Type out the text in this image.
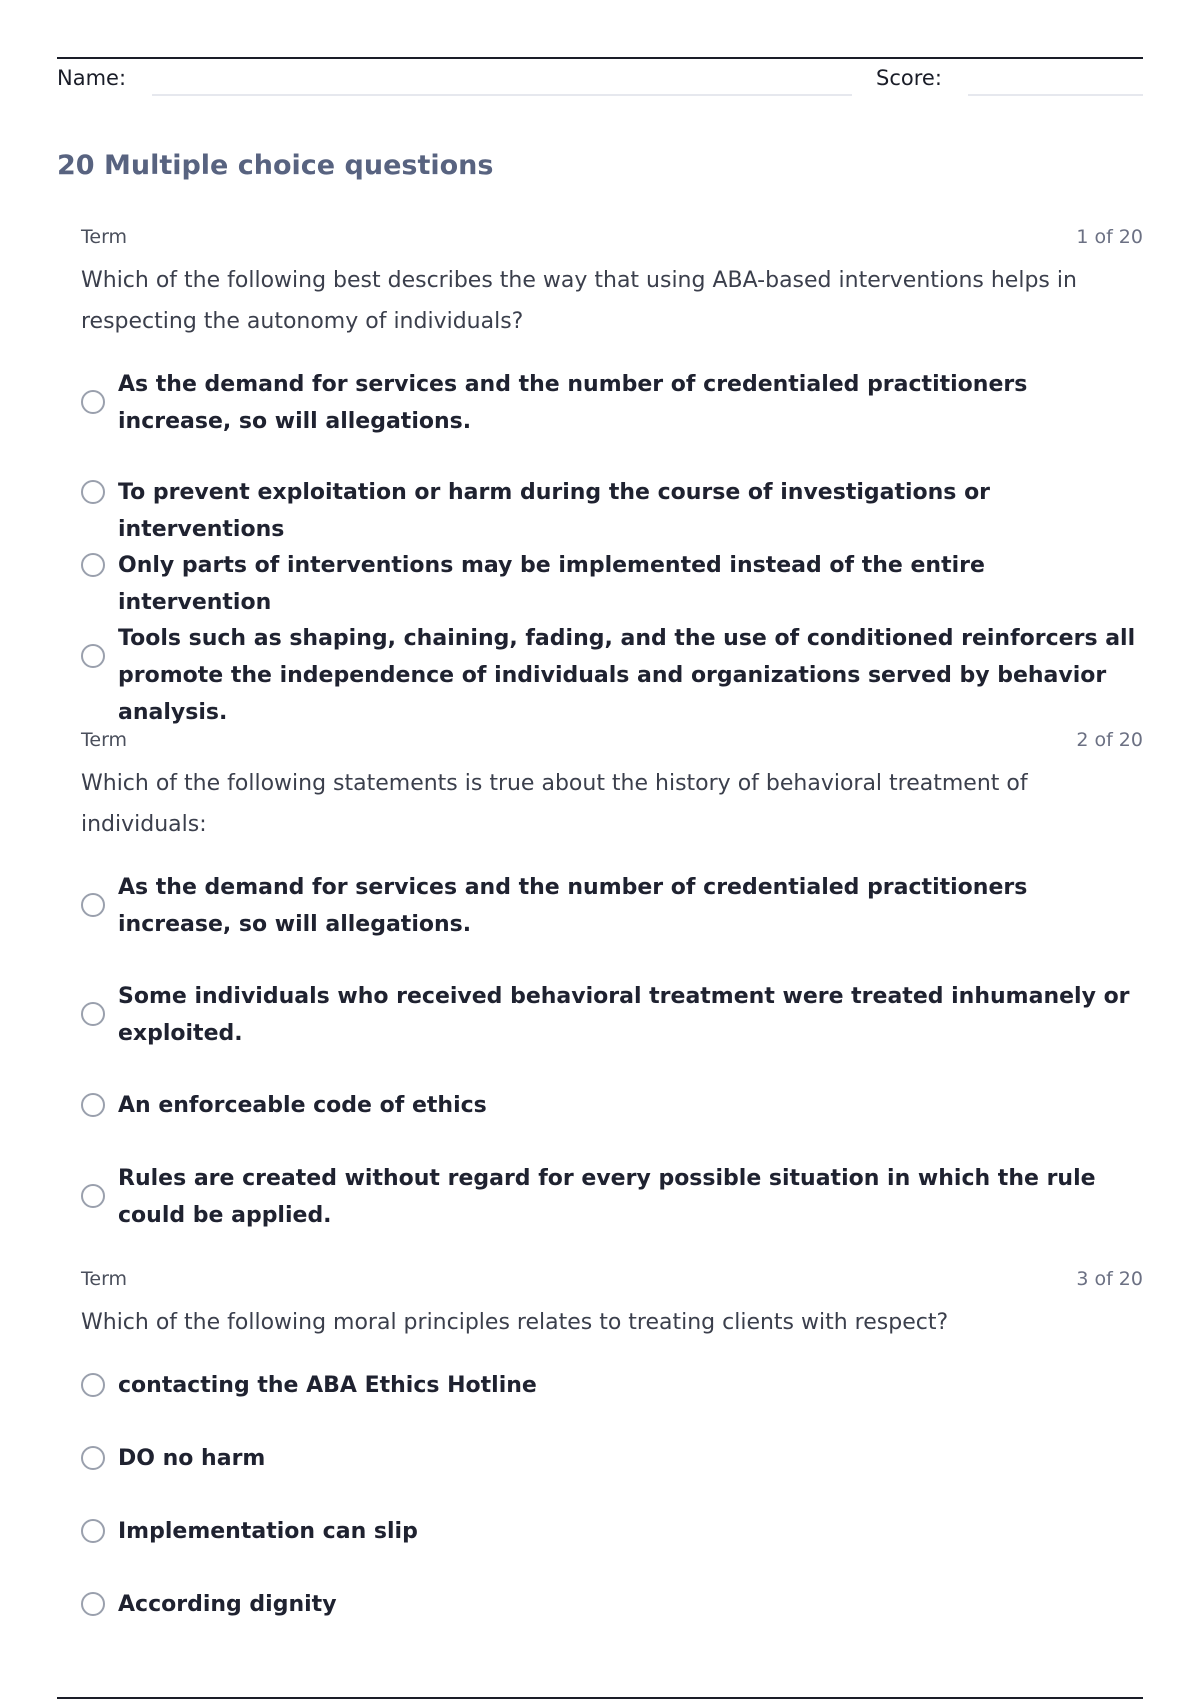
Name:	Score:
20 Multiple choice questions
Term	1 of 20

Which of the following best describes the way that using ABA-based interventions helps in respecting the autonomy of individuals?

As the demand for services and the number of credentialed practitioners increase, so will allegations.
To prevent exploitation or harm during the course of investigations or interventions
Only parts of interventions may be implemented instead of the entire intervention
Tools such as shaping, chaining, fading, and the use of conditioned reinforcers all promote the independence of individuals and organizations served by behavior analysis.
Term	2 of 20

Which of the following statements is true about the history of behavioral treatment of individuals:

As the demand for services and the number of credentialed practitioners increase, so will allegations.
Some individuals who received behavioral treatment were treated inhumanely or exploited.
An enforceable code of ethics
Rules are created without regard for every possible situation in which the rule could be applied.
Term	3 of 20

Which of the following moral principles relates to treating clients with respect?

contacting the ABA Ethics Hotline
DO no harm
Implementation can slip
According dignity
